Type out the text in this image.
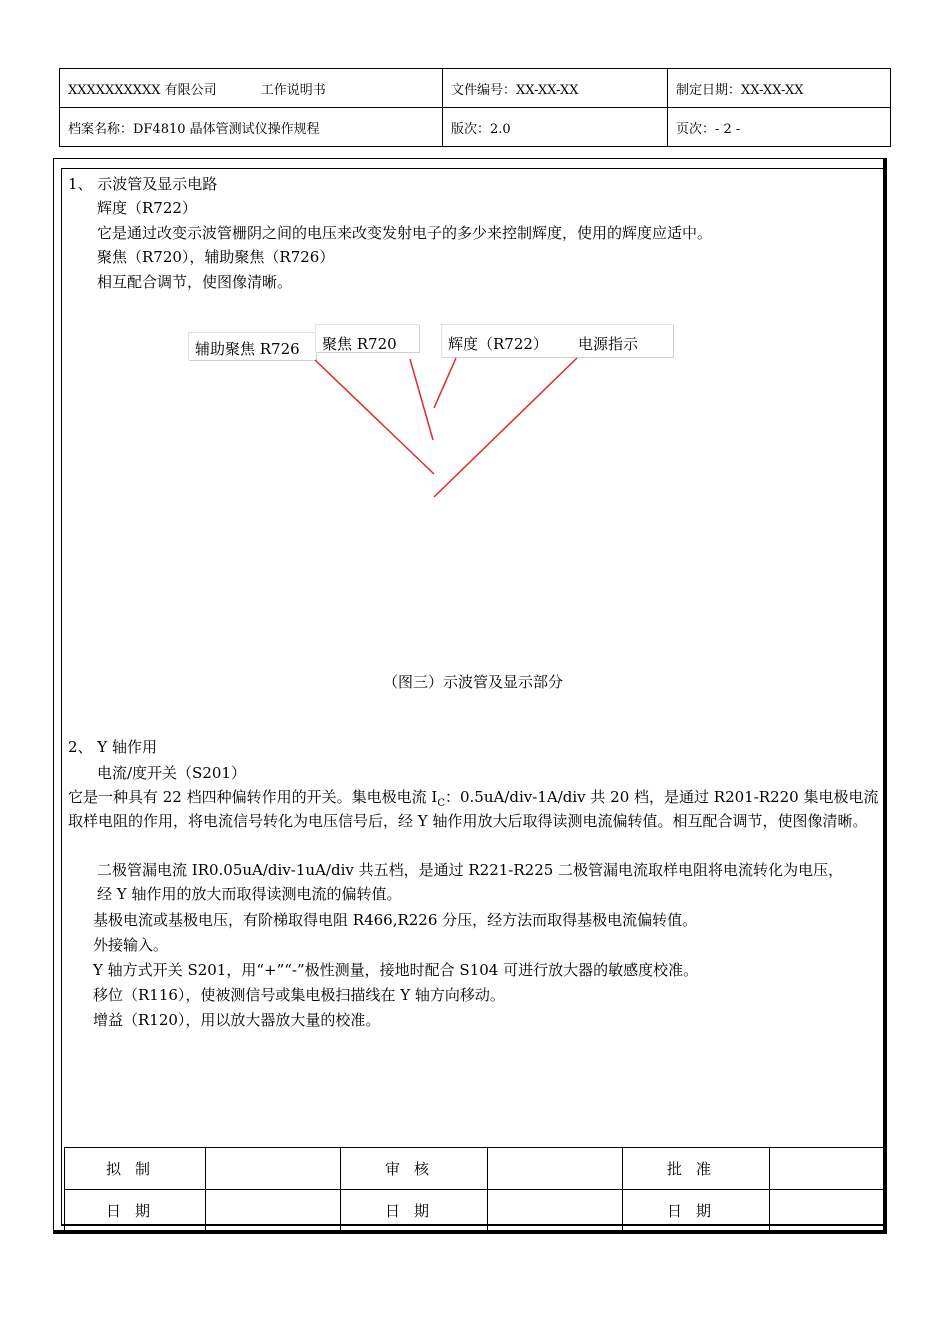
XXXXXXXXXX 有限公司 工作说明书	文件编号：XX-XX-XX	制定日期：XX-XX-XX
档案名称：DF4810 晶体管测试仪操作规程	版次：2.0	页次：- 2 -
1、 示波管及显示电路
辉度（R722）
它是通过改变示波管栅阴之间的电压来改变发射电子的多少来控制辉度，使用的辉度应适中。
聚焦（R720），辅助聚焦（R726）
相互配合调节，使图像清晰。
辅助聚焦 R726	聚焦 R720	辉度（R722） 电源指示
（图三）示波管及显示部分
2、 Y 轴作用
电流/度开关（S201）
它是一种具有 22 档四种偏转作用的开关。集电极电流 $I_C$：0.5uA/div-1A/div 共 20 档，是通过 R201-R220 集电极电流取样电阻的作用，将电流信号转化为电压信号后，经 Y 轴作用放大后取得读测电流偏转值。相互配合调节，使图像清晰。
二极管漏电流 IR0.05uA/div-1uA/div 共五档，是通过 R221-R225 二极管漏电流取样电阻将电流转化为电压，
经 Y 轴作用的放大而取得读测电流的偏转值。
基极电流或基极电压，有阶梯取得电阻 R466,R226 分压，经方法而取得基极电流偏转值。
外接输入。
Y 轴方式开关 S201，用“+”“-”极性测量，接地时配合 S104 可进行放大器的敏感度校准。
移位（R116），使被测信号或集电极扫描线在 Y 轴方向移动。
增益（R120），用以放大器放大量的校准。
拟制		审核		批准	
日期		日期		日期	
